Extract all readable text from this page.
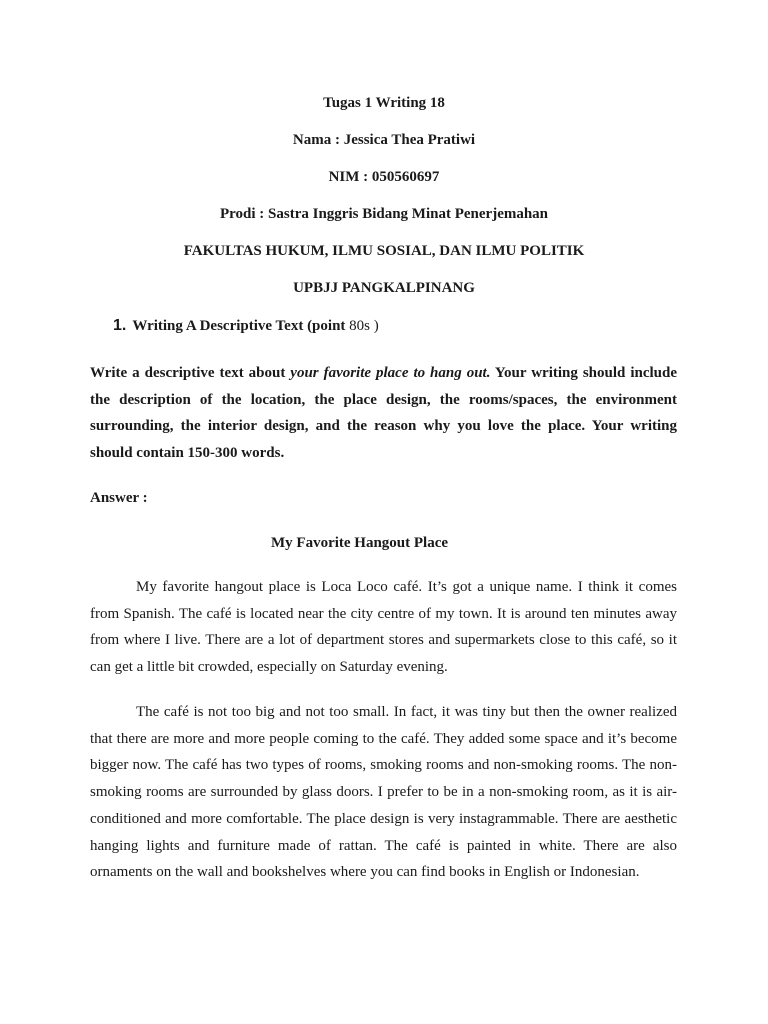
Tugas 1 Writing 18
Nama : Jessica Thea Pratiwi
NIM : 050560697
Prodi : Sastra Inggris Bidang Minat Penerjemahan
FAKULTAS HUKUM, ILMU SOSIAL, DAN ILMU POLITIK
UPBJJ PANGKALPINANG
1. Writing A Descriptive Text (point 80s )

Write a descriptive text about your favorite place to hang out. Your writing should include the description of the location, the place design, the rooms/spaces, the environment surrounding, the interior design, and the reason why you love the place. Your writing should contain 150-300 words.

Answer :
My Favorite Hangout Place

My favorite hangout place is Loca Loco café. It’s got a unique name. I think it comes from Spanish. The café is located near the city centre of my town. It is around ten minutes away from where I live. There are a lot of department stores and supermarkets close to this café, so it can get a little bit crowded, especially on Saturday evening.

The café is not too big and not too small. In fact, it was tiny but then the owner realized that there are more and more people coming to the café. They added some space and it’s become bigger now. The café has two types of rooms, smoking rooms and non-smoking rooms. The non-smoking rooms are surrounded by glass doors. I prefer to be in a non-smoking room, as it is air-conditioned and more comfortable. The place design is very instagrammable. There are aesthetic hanging lights and furniture made of rattan. The café is painted in white. There are also ornaments on the wall and bookshelves where you can find books in English or Indonesian.
